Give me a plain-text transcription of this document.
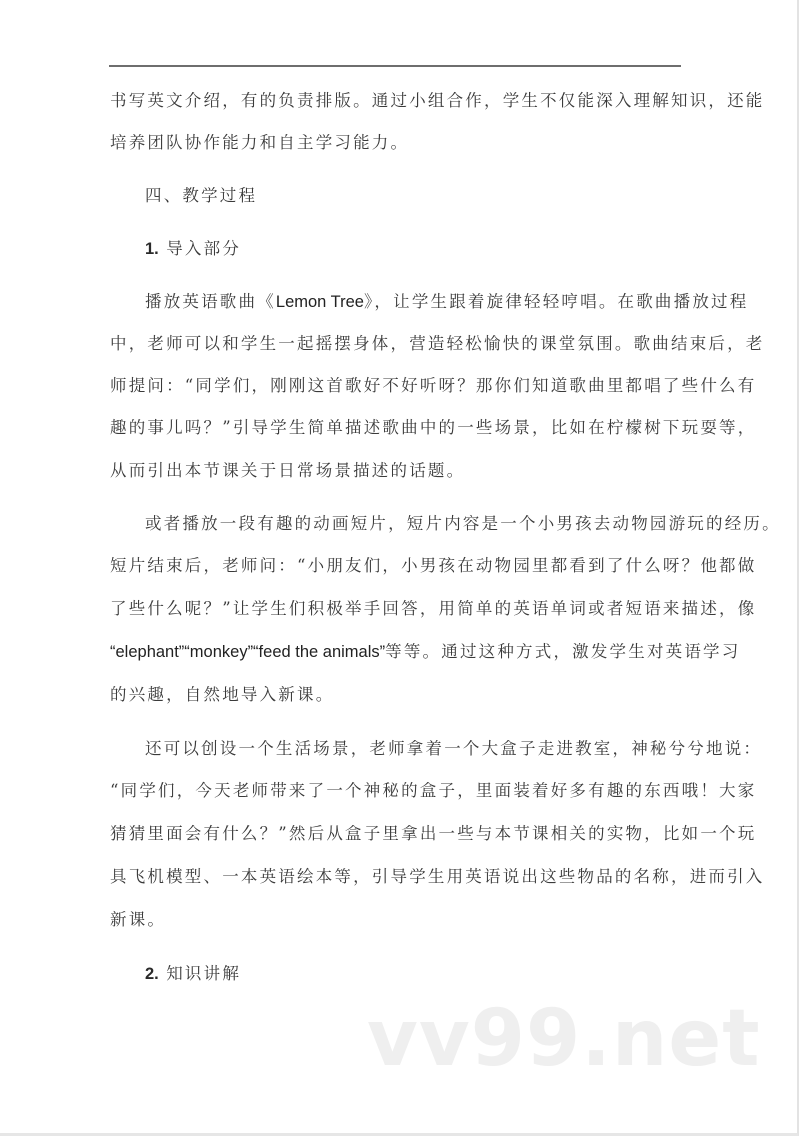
书写英文介绍，有的负责排版。通过小组合作，学生不仅能深入理解知识，还能
培养团队协作能力和自主学习能力。
四、教学过程
1. 导入部分
播放英语歌曲《Lemon Tree》，让学生跟着旋律轻轻哼唱。在歌曲播放过程
中，老师可以和学生一起摇摆身体，营造轻松愉快的课堂氛围。歌曲结束后，老
师提问：“同学们，刚刚这首歌好不好听呀？那你们知道歌曲里都唱了些什么有
趣的事儿吗？”引导学生简单描述歌曲中的一些场景，比如在柠檬树下玩耍等，
从而引出本节课关于日常场景描述的话题。
或者播放一段有趣的动画短片，短片内容是一个小男孩去动物园游玩的经历。
短片结束后，老师问：“小朋友们，小男孩在动物园里都看到了什么呀？他都做
了些什么呢？”让学生们积极举手回答，用简单的英语单词或者短语来描述，像
“elephant”“monkey”“feed the animals”等等。通过这种方式，激发学生对英语学习
的兴趣，自然地导入新课。
还可以创设一个生活场景，老师拿着一个大盒子走进教室，神秘兮兮地说：
“同学们，今天老师带来了一个神秘的盒子，里面装着好多有趣的东西哦！大家
猜猜里面会有什么？”然后从盒子里拿出一些与本节课相关的实物，比如一个玩
具飞机模型、一本英语绘本等，引导学生用英语说出这些物品的名称，进而引入
新课。
2. 知识讲解
vv99.net
